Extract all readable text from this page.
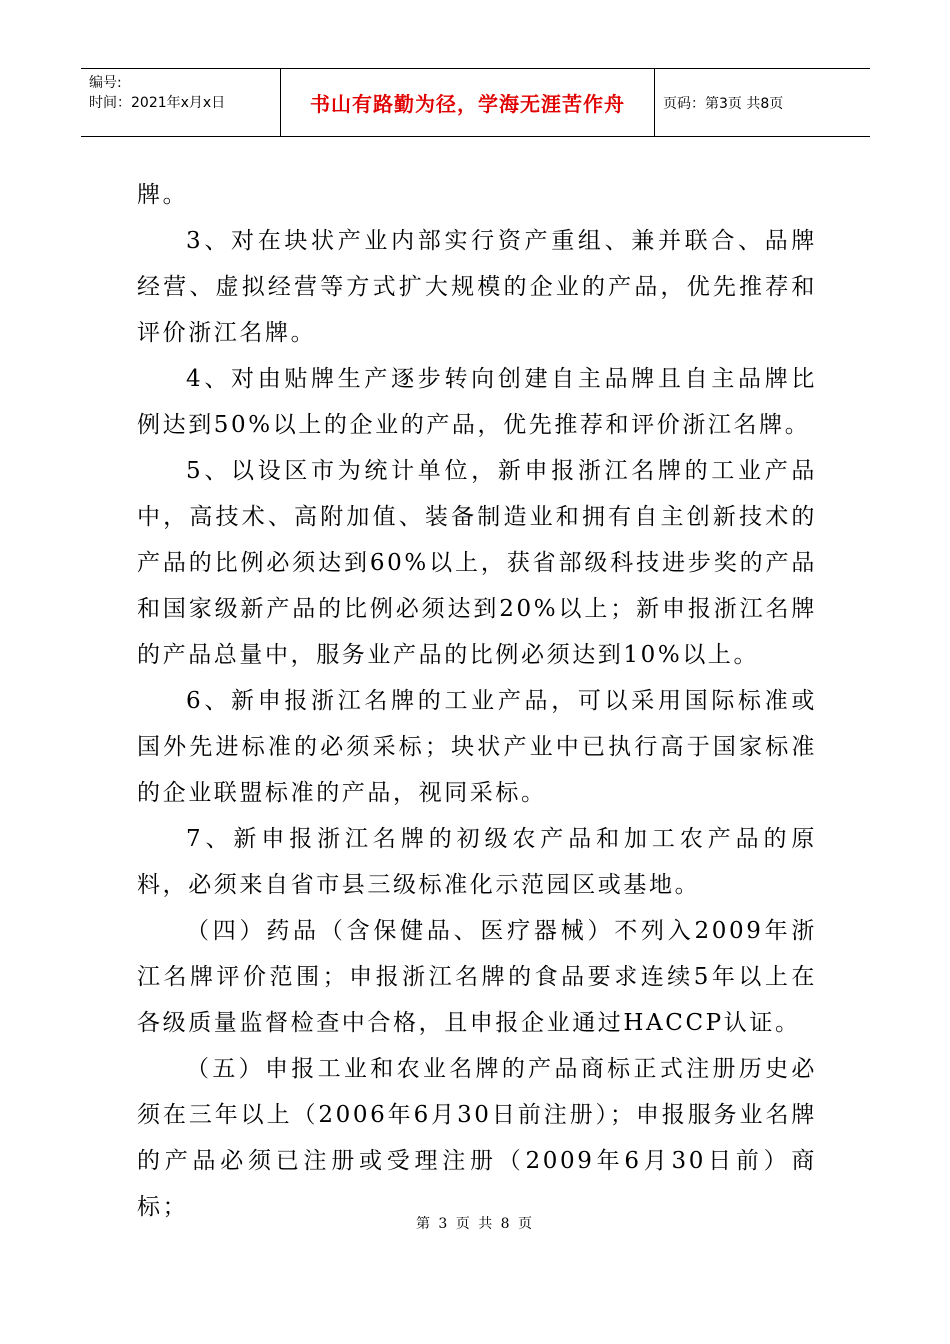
编号:
时间：2021年x月x日	书山有路勤为径，学海无涯苦作舟	页码：第3页 共8页

牌。

3、对在块状产业内部实行资产重组、兼并联合、品牌经营、虚拟经营等方式扩大规模的企业的产品，优先推荐和评价浙江名牌。

4、对由贴牌生产逐步转向创建自主品牌且自主品牌比例达到50%以上的企业的产品，优先推荐和评价浙江名牌。

5、以设区市为统计单位，新申报浙江名牌的工业产品中，高技术、高附加值、装备制造业和拥有自主创新技术的产品的比例必须达到60%以上，获省部级科技进步奖的产品和国家级新产品的比例必须达到20%以上；新申报浙江名牌的产品总量中，服务业产品的比例必须达到10%以上。

6、新申报浙江名牌的工业产品，可以采用国际标准或国外先进标准的必须采标；块状产业中已执行高于国家标准的企业联盟标准的产品，视同采标。

7、新申报浙江名牌的初级农产品和加工农产品的原料，必须来自省市县三级标准化示范园区或基地。

（四）药品（含保健品、医疗器械）不列入2009年浙江名牌评价范围；申报浙江名牌的食品要求连续5年以上在各级质量监督检查中合格，且申报企业通过HACCP认证。

（五）申报工业和农业名牌的产品商标正式注册历史必须在三年以上（2006年6月30日前注册）；申报服务业名牌的产品必须已注册或受理注册（2009年6月30日前）商标；

第 3 页 共 8 页
